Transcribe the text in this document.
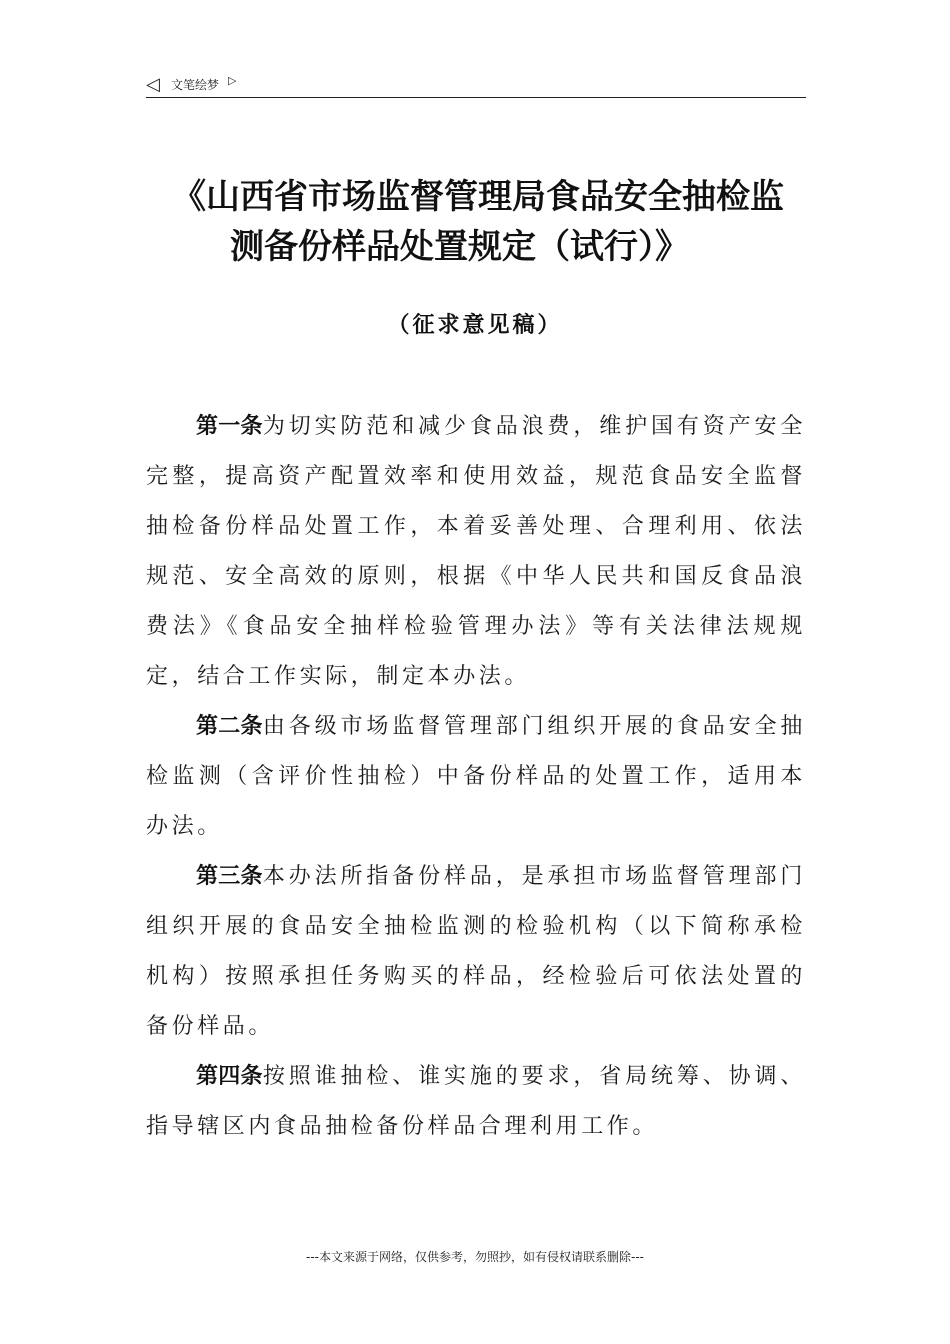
◁ 文笔绘梦 ▷
《山西省市场监督管理局食品安全抽检监
测备份样品处置规定（试行）》
（征求意见稿）

第一条为切实防范和减少食品浪费，维护国有资产安全完整，提高资产配置效率和使用效益，规范食品安全监督抽检备份样品处置工作，本着妥善处理、合理利用、依法规范、安全高效的原则，根据《中华人民共和国反食品浪费法》《食品安全抽样检验管理办法》等有关法律法规规定，结合工作实际，制定本办法。

第二条由各级市场监督管理部门组织开展的食品安全抽检监测（含评价性抽检）中备份样品的处置工作，适用本办法。

第三条本办法所指备份样品，是承担市场监督管理部门组织开展的食品安全抽检监测的检验机构（以下简称承检机构）按照承担任务购买的样品，经检验后可依法处置的备份样品。

第四条按照谁抽检、谁实施的要求，省局统筹、协调、指导辖区内食品抽检备份样品合理利用工作。

---本文来源于网络，仅供参考，勿照抄，如有侵权请联系删除---
